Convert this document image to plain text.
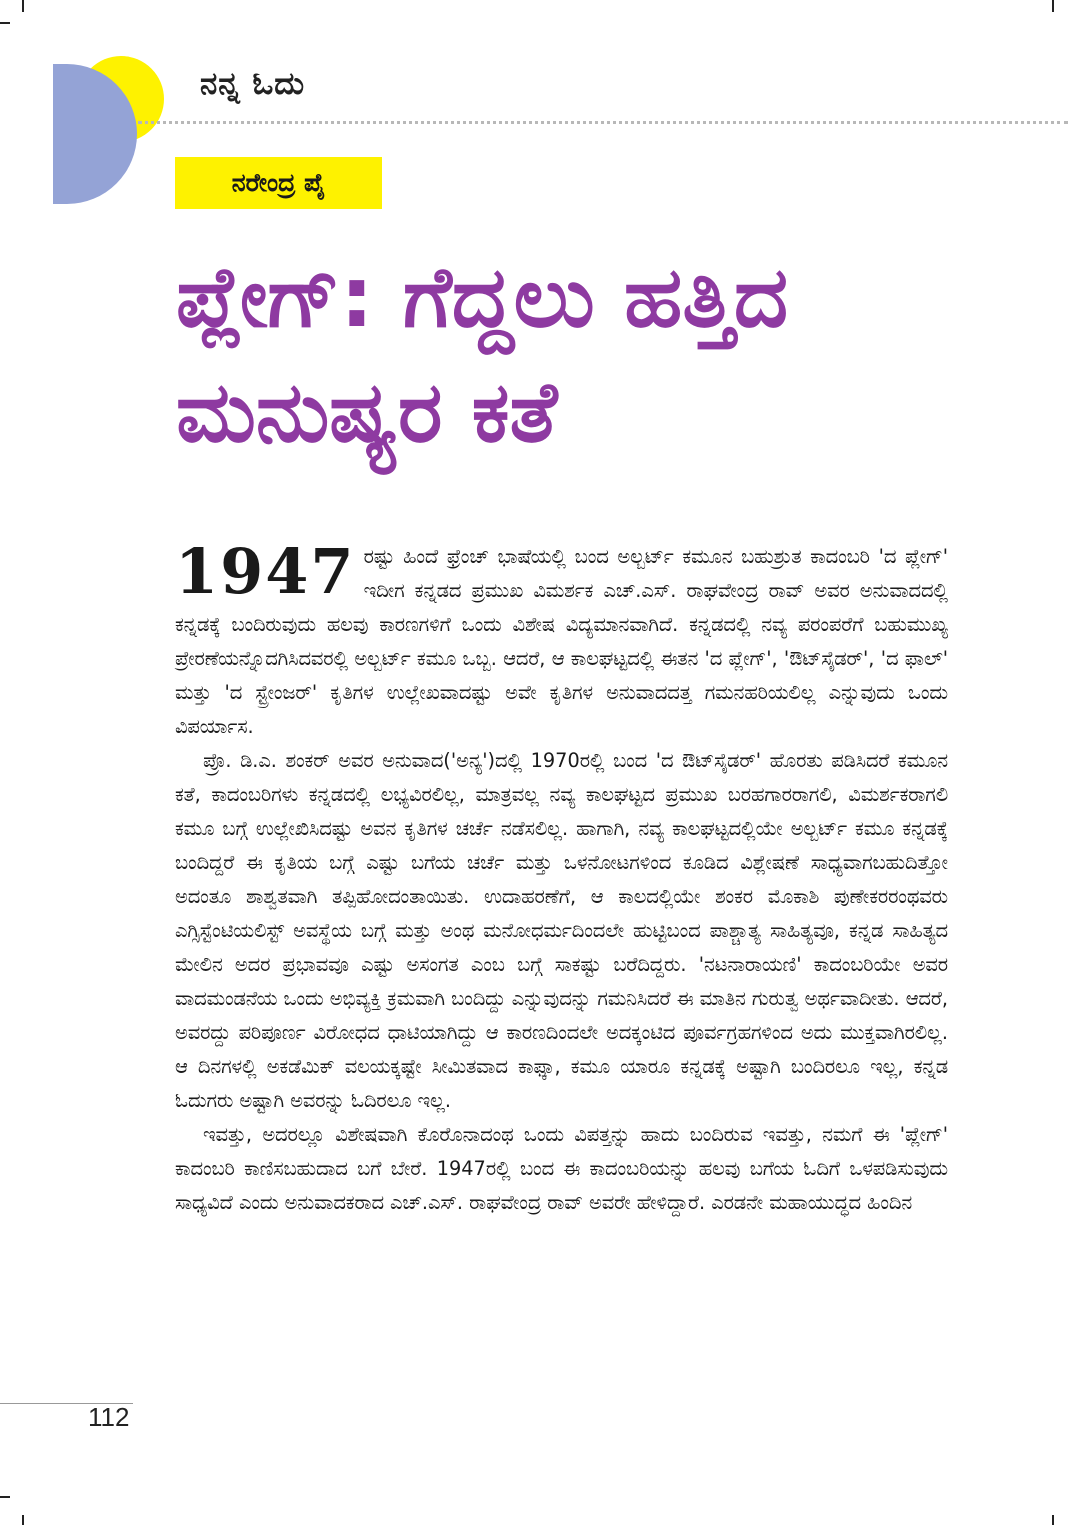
ನನ್ನ ಓದು
ನರೇಂದ್ರ ಪೈ
ಪ್ಲೇಗ್: ಗೆದ್ದಲು ಹತ್ತಿದ
ಮನುಷ್ಯರ ಕತೆ

1947 ರಷ್ಟು ಹಿಂದೆ ಫ್ರೆಂಚ್ ಭಾಷೆಯಲ್ಲಿ ಬಂದ ಅಲ್ಬರ್ಟ್ ಕಮೂನ ಬಹುಶ್ರುತ ಕಾದಂಬರಿ 'ದ ಪ್ಲೇಗ್' ಇದೀಗ ಕನ್ನಡದ ಪ್ರಮುಖ ವಿಮರ್ಶಕ ಎಚ್.ಎಸ್. ರಾಘವೇಂದ್ರ ರಾವ್ ಅವರ ಅನುವಾದದಲ್ಲಿ ಕನ್ನಡಕ್ಕೆ ಬಂದಿರುವುದು ಹಲವು ಕಾರಣಗಳಿಗೆ ಒಂದು ವಿಶೇಷ ವಿದ್ಯಮಾನವಾಗಿದೆ. ಕನ್ನಡದಲ್ಲಿ ನವ್ಯ ಪರಂಪರೆಗೆ ಬಹುಮುಖ್ಯ ಪ್ರೇರಣೆಯನ್ನೊದಗಿಸಿದವರಲ್ಲಿ ಅಲ್ಬರ್ಟ್ ಕಮೂ ಒಬ್ಬ. ಆದರೆ, ಆ ಕಾಲಘಟ್ಟದಲ್ಲಿ ಈತನ 'ದ ಪ್ಲೇಗ್', 'ಔಟ್‌ಸೈಡರ್', 'ದ ಫಾಲ್' ಮತ್ತು 'ದ ಸ್ಟ್ರೇಂಜರ್' ಕೃತಿಗಳ ಉಲ್ಲೇಖವಾದಷ್ಟು ಅವೇ ಕೃತಿಗಳ ಅನುವಾದದತ್ತ ಗಮನಹರಿಯಲಿಲ್ಲ ಎನ್ನುವುದು ಒಂದು ವಿಪರ್ಯಾಸ.

ಪ್ರೊ. ಡಿ.ಎ. ಶಂಕರ್ ಅವರ ಅನುವಾದ('ಅನ್ಯ')ದಲ್ಲಿ 1970ರಲ್ಲಿ ಬಂದ 'ದ ಔಟ್‌ಸೈಡರ್' ಹೊರತು ಪಡಿಸಿದರೆ ಕಮೂನ ಕತೆ, ಕಾದಂಬರಿಗಳು ಕನ್ನಡದಲ್ಲಿ ಲಭ್ಯವಿರಲಿಲ್ಲ, ಮಾತ್ರವಲ್ಲ ನವ್ಯ ಕಾಲಘಟ್ಟದ ಪ್ರಮುಖ ಬರಹಗಾರರಾಗಲಿ, ವಿಮರ್ಶಕರಾಗಲಿ ಕಮೂ ಬಗ್ಗೆ ಉಲ್ಲೇಖಿಸಿದಷ್ಟು ಅವನ ಕೃತಿಗಳ ಚರ್ಚೆ ನಡೆಸಲಿಲ್ಲ. ಹಾಗಾಗಿ, ನವ್ಯ ಕಾಲಘಟ್ಟದಲ್ಲಿಯೇ ಅಲ್ಬರ್ಟ್ ಕಮೂ ಕನ್ನಡಕ್ಕೆ ಬಂದಿದ್ದರೆ ಈ ಕೃತಿಯ ಬಗ್ಗೆ ಎಷ್ಟು ಬಗೆಯ ಚರ್ಚೆ ಮತ್ತು ಒಳನೋಟಗಳಿಂದ ಕೂಡಿದ ವಿಶ್ಲೇಷಣೆ ಸಾಧ್ಯವಾಗಬಹುದಿತ್ತೋ ಅದಂತೂ ಶಾಶ್ವತವಾಗಿ ತಪ್ಪಿಹೋದಂತಾಯಿತು. ಉದಾಹರಣೆಗೆ, ಆ ಕಾಲದಲ್ಲಿಯೇ ಶಂಕರ ಮೊಕಾಶಿ ಪುಣೇಕರರಂಥವರು ಎಗ್ಸಿಸ್ಟೆಂಟಿಯಲಿಸ್ಟ್ ಅವಸ್ಥೆಯ ಬಗ್ಗೆ ಮತ್ತು ಅಂಥ ಮನೋಧರ್ಮದಿಂದಲೇ ಹುಟ್ಟಿಬಂದ ಪಾಶ್ಚಾತ್ಯ ಸಾಹಿತ್ಯವೂ, ಕನ್ನಡ ಸಾಹಿತ್ಯದ ಮೇಲಿನ ಅದರ ಪ್ರಭಾವವೂ ಎಷ್ಟು ಅಸಂಗತ ಎಂಬ ಬಗ್ಗೆ ಸಾಕಷ್ಟು ಬರೆದಿದ್ದರು. 'ನಟನಾರಾಯಣಿ' ಕಾದಂಬರಿಯೇ ಅವರ ವಾದಮಂಡನೆಯ ಒಂದು ಅಭಿವ್ಯಕ್ತಿ ಕ್ರಮವಾಗಿ ಬಂದಿದ್ದು ಎನ್ನುವುದನ್ನು ಗಮನಿಸಿದರೆ ಈ ಮಾತಿನ ಗುರುತ್ವ ಅರ್ಥವಾದೀತು. ಆದರೆ, ಅವರದ್ದು ಪರಿಪೂರ್ಣ ವಿರೋಧದ ಧಾಟಿಯಾಗಿದ್ದು ಆ ಕಾರಣದಿಂದಲೇ ಅದಕ್ಕಂಟಿದ ಪೂರ್ವಗ್ರಹಗಳಿಂದ ಅದು ಮುಕ್ತವಾಗಿರಲಿಲ್ಲ. ಆ ದಿನಗಳಲ್ಲಿ ಅಕಡೆಮಿಕ್ ವಲಯಕ್ಕಷ್ಟೇ ಸೀಮಿತವಾದ ಕಾಫ್ಕಾ, ಕಮೂ ಯಾರೂ ಕನ್ನಡಕ್ಕೆ ಅಷ್ಟಾಗಿ ಬಂದಿರಲೂ ಇಲ್ಲ, ಕನ್ನಡ ಓದುಗರು ಅಷ್ಟಾಗಿ ಅವರನ್ನು ಓದಿರಲೂ ಇಲ್ಲ.

ಇವತ್ತು, ಅದರಲ್ಲೂ ವಿಶೇಷವಾಗಿ ಕೊರೊನಾದಂಥ ಒಂದು ವಿಪತ್ತನ್ನು ಹಾದು ಬಂದಿರುವ ಇವತ್ತು, ನಮಗೆ ಈ 'ಪ್ಲೇಗ್' ಕಾದಂಬರಿ ಕಾಣಿಸಬಹುದಾದ ಬಗೆ ಬೇರೆ. 1947ರಲ್ಲಿ ಬಂದ ಈ ಕಾದಂಬರಿಯನ್ನು ಹಲವು ಬಗೆಯ ಓದಿಗೆ ಒಳಪಡಿಸುವುದು ಸಾಧ್ಯವಿದೆ ಎಂದು ಅನುವಾದಕರಾದ ಎಚ್.ಎಸ್. ರಾಘವೇಂದ್ರ ರಾವ್ ಅವರೇ ಹೇಳಿದ್ದಾರೆ. ಎರಡನೇ ಮಹಾಯುದ್ಧದ ಹಿಂದಿನ

112
